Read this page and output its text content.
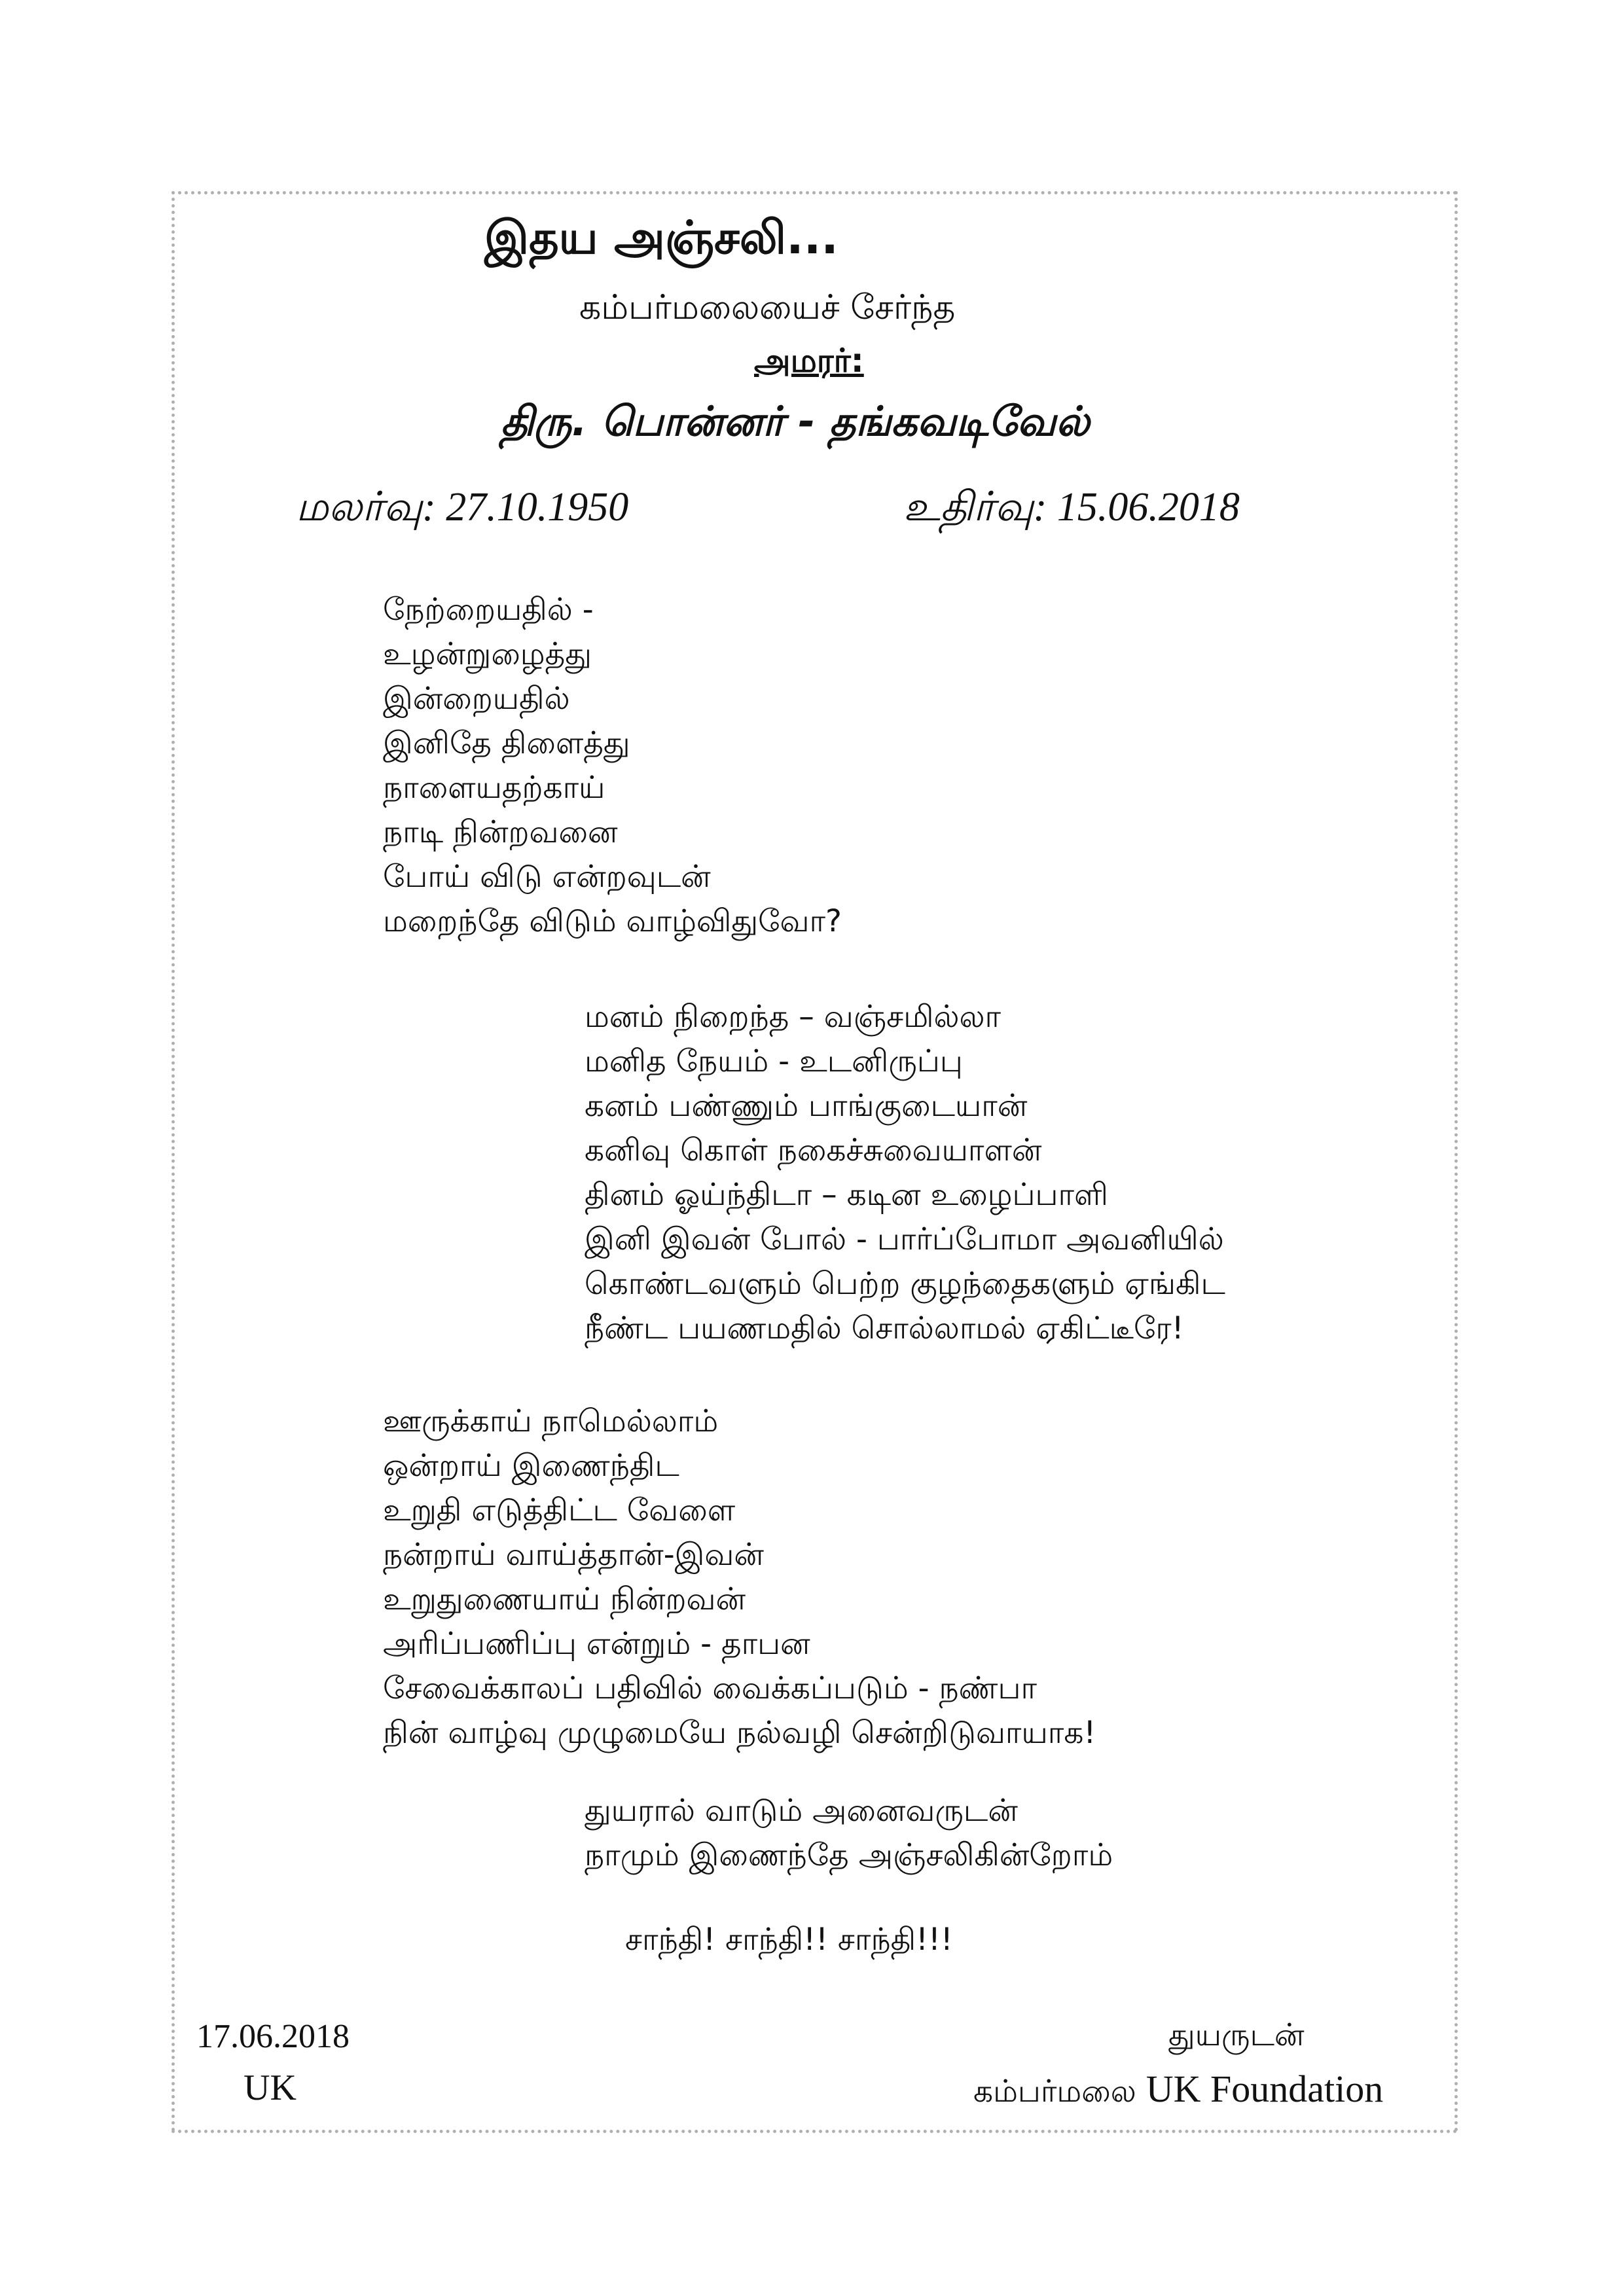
இதய அஞ்சலி...
கம்பர்மலையைச் சேர்ந்த
அமரர்:
திரு. பொன்னர் - தங்கவடிவேல்
மலர்வு: 27.10.1950	உதிர்வு: 15.06.2018
நேற்றையதில் -
உழன்றுழைத்து
இன்றையதில்
இனிதே திளைத்து
நாளையதற்காய்
நாடி நின்றவனை
போய் விடு என்றவுடன்
மறைந்தே விடும் வாழ்விதுவோ?
மனம் நிறைந்த – வஞ்சமில்லா
மனித நேயம் - உடனிருப்பு
கனம் பண்ணும் பாங்குடையான்
கனிவு கொள் நகைச்சுவையாளன்
தினம் ஓய்ந்திடா – கடின உழைப்பாளி
இனி இவன் போல் - பார்ப்போமா அவனியில்
கொண்டவளும் பெற்ற குழந்தைகளும் ஏங்கிட
நீண்ட பயணமதில் சொல்லாமல் ஏகிட்டீரே!
ஊருக்காய் நாமெல்லாம்
ஒன்றாய் இணைந்திட
உறுதி எடுத்திட்ட வேளை
நன்றாய் வாய்த்தான்-இவன்
உறுதுணையாய் நின்றவன்
அரிப்பணிப்பு என்றும் - தாபன
சேவைக்காலப் பதிவில் வைக்கப்படும் - நண்பா
நின் வாழ்வு முழுமையே நல்வழி சென்றிடுவாயாக!
துயரால் வாடும் அனைவருடன்
நாமும் இணைந்தே அஞ்சலிகின்றோம்
சாந்தி! சாந்தி!! சாந்தி!!!
17.06.2018
UK
துயருடன்
கம்பர்மலை UK Foundation
